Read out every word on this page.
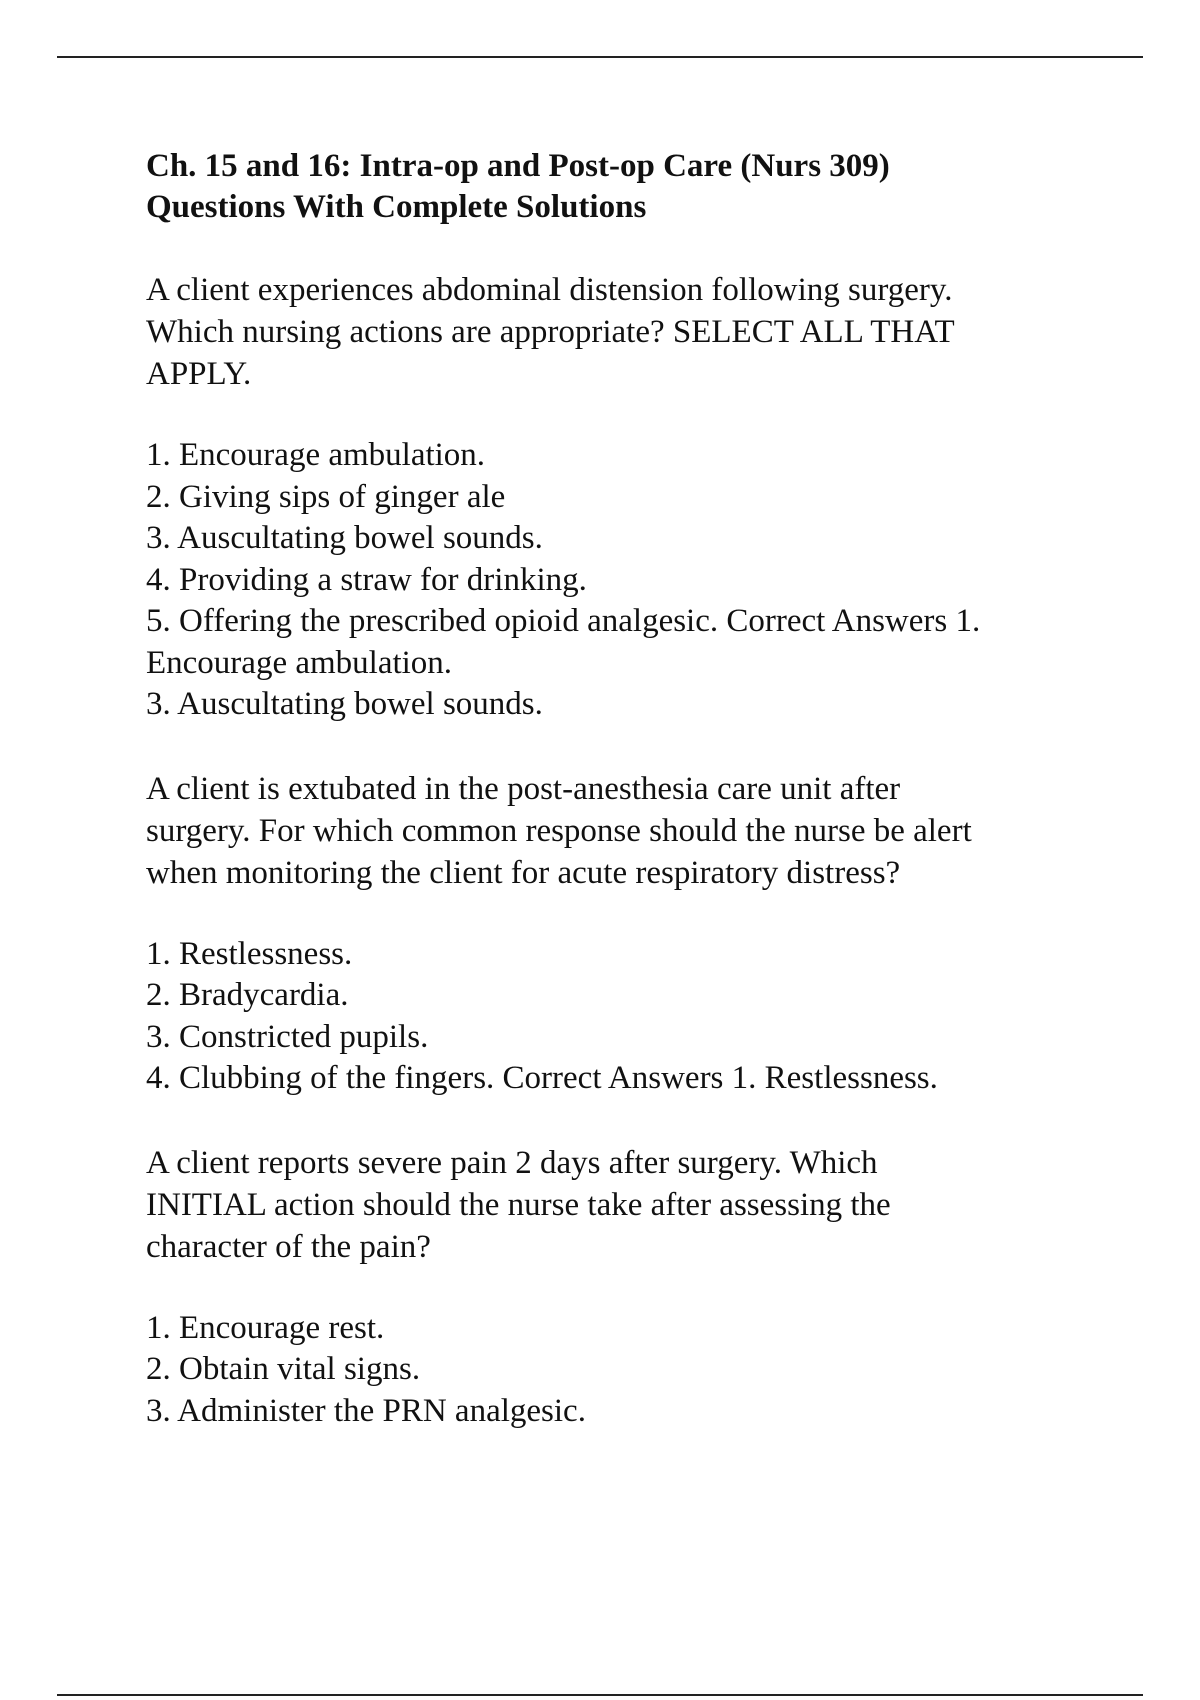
Ch. 15 and 16: Intra-op and Post-op Care (Nurs 309)
Questions With Complete Solutions

A client experiences abdominal distension following surgery.
Which nursing actions are appropriate? SELECT ALL THAT
APPLY.

1. Encourage ambulation.
2. Giving sips of ginger ale
3. Auscultating bowel sounds.
4. Providing a straw for drinking.
5. Offering the prescribed opioid analgesic. Correct Answers 1.
Encourage ambulation.
3. Auscultating bowel sounds.

A client is extubated in the post-anesthesia care unit after
surgery. For which common response should the nurse be alert
when monitoring the client for acute respiratory distress?

1. Restlessness.
2. Bradycardia.
3. Constricted pupils.
4. Clubbing of the fingers. Correct Answers 1. Restlessness.

A client reports severe pain 2 days after surgery. Which
INITIAL action should the nurse take after assessing the
character of the pain?

1. Encourage rest.
2. Obtain vital signs.
3. Administer the PRN analgesic.
